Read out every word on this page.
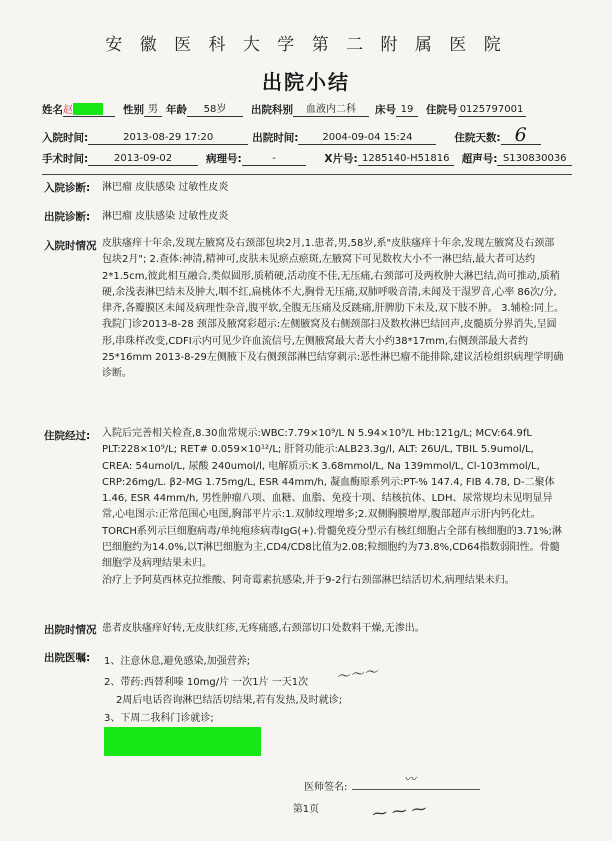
安 徽 医 科 大 学 第 二 附 属 医 院
出院小结
姓名 赵	性别 男 年龄	58岁	出院科别	血液内二科	床号 19	住院号 0125797001
入院时间:	2013-08-29 17:20	出院时间:	2004-09-04 15:24	住院天数: 6
手术时间:	2013-09-02	病理号:	-	X片号: 1285140-H51816	超声号: S130830036
入院诊断: 淋巴瘤 皮肤感染 过敏性皮炎
出院诊断: 淋巴瘤 皮肤感染 过敏性皮炎
入院时情况 皮肤瘙痒十年余,发现左腋窝及右颈部包块2月,1.患者,男,58岁,系"皮肤瘙痒十年余,发现左腋窝及右颈部包块2月"; 2.查体:神清,精神可,皮肤未见瘀点瘀斑,左腋窝下可见数枚大小不一淋巴结,最大者可达约2*1.5cm,彼此相互融合,类似圆形,质稍硬,活动度不佳,无压痛,右颈部可及两枚肿大淋巴结,尚可推动,质稍硬,余浅表淋巴结未及肿大,咽不红,扁桃体不大,胸骨无压痛,双肺呼吸音清,未闻及干湿罗音,心率 86次/分,律齐,各瓣膜区未闻及病理性杂音,腹平软,全腹无压痛及反跳痛,肝脾肋下未及,双下肢不肿。 3.辅检:同上。我院门诊2013-8-28 颈部及腋窝彩超示:左侧腋窝及右侧颈部扫及数枚淋巴结回声,皮髓质分界消失,呈圆形,串珠样改变,CDFI示内可见少许血流信号,左侧腋窝最大者大小约38*17mm,右侧颈部最大者约25*16mm 2013-8-29左侧腋下及右侧颈部淋巴结穿刺示:恶性淋巴瘤不能排除,建议活检组织病理学明确诊断。
住院经过: 入院后完善相关检查,8.30血常规示:WBC:7.79×10⁹/L N 5.94×10⁹/L Hb:121g/L; MCV:64.9fL PLT:228×10⁹/L; RET# 0.059×10¹²/L; 肝肾功能示:ALB23.3g/l, ALT: 26U/L, TBIL 5.9umol/L, CREA: 54umol/L, 尿酸 240umol/l, 电解质示:K 3.68mmol/L, Na 139mmol/L, Cl-103mmol/L, CRP:26mg/L. β2-MG 1.75mg/L, ESR 44mm/h, 凝血酶原系列示:PT-% 147.4, FIB 4.78, D-二聚体1.46, ESR 44mm/h, 男性肿瘤八项、血糖、血脂、免疫十项、结核抗体、LDH、尿常规均未见明显异常,心电图示:正常范围心电图,胸部平片示:1.双肺纹理增多;2.双侧胸膜增厚,腹部超声示肝内钙化灶。TORCH系列示巨细胞病毒/单纯疱疹病毒IgG(+).骨髓免疫分型示有核红细胞占全部有核细胞的3.71%;淋巴细胞约为14.0%,以T淋巴细胞为主,CD4/CD8比值为2.08;粒细胞约为73.8%,CD64指数弱阳性。骨髓细胞学及病理结果未归。

治疗上予阿莫西林克拉维酸、阿奇霉素抗感染,并于9-2行右颈部淋巴结活切术,病理结果未归。

出院时情况 患者皮肤瘙痒好转,无皮肤红疹,无疼痛感,右颈部切口处数料干燥,无渗出。
出院医嘱: 1、注意休息,避免感染,加强营养;
2、带药:西替利嗪 10mg/片 一次1片 一天1次 〜〜〜
2周后电话咨询淋巴结活切结果,若有发热,及时就诊;
3、下周二我科门诊就诊;
医师签名:
〰
第1页	⁓ ⁓ ⁓
